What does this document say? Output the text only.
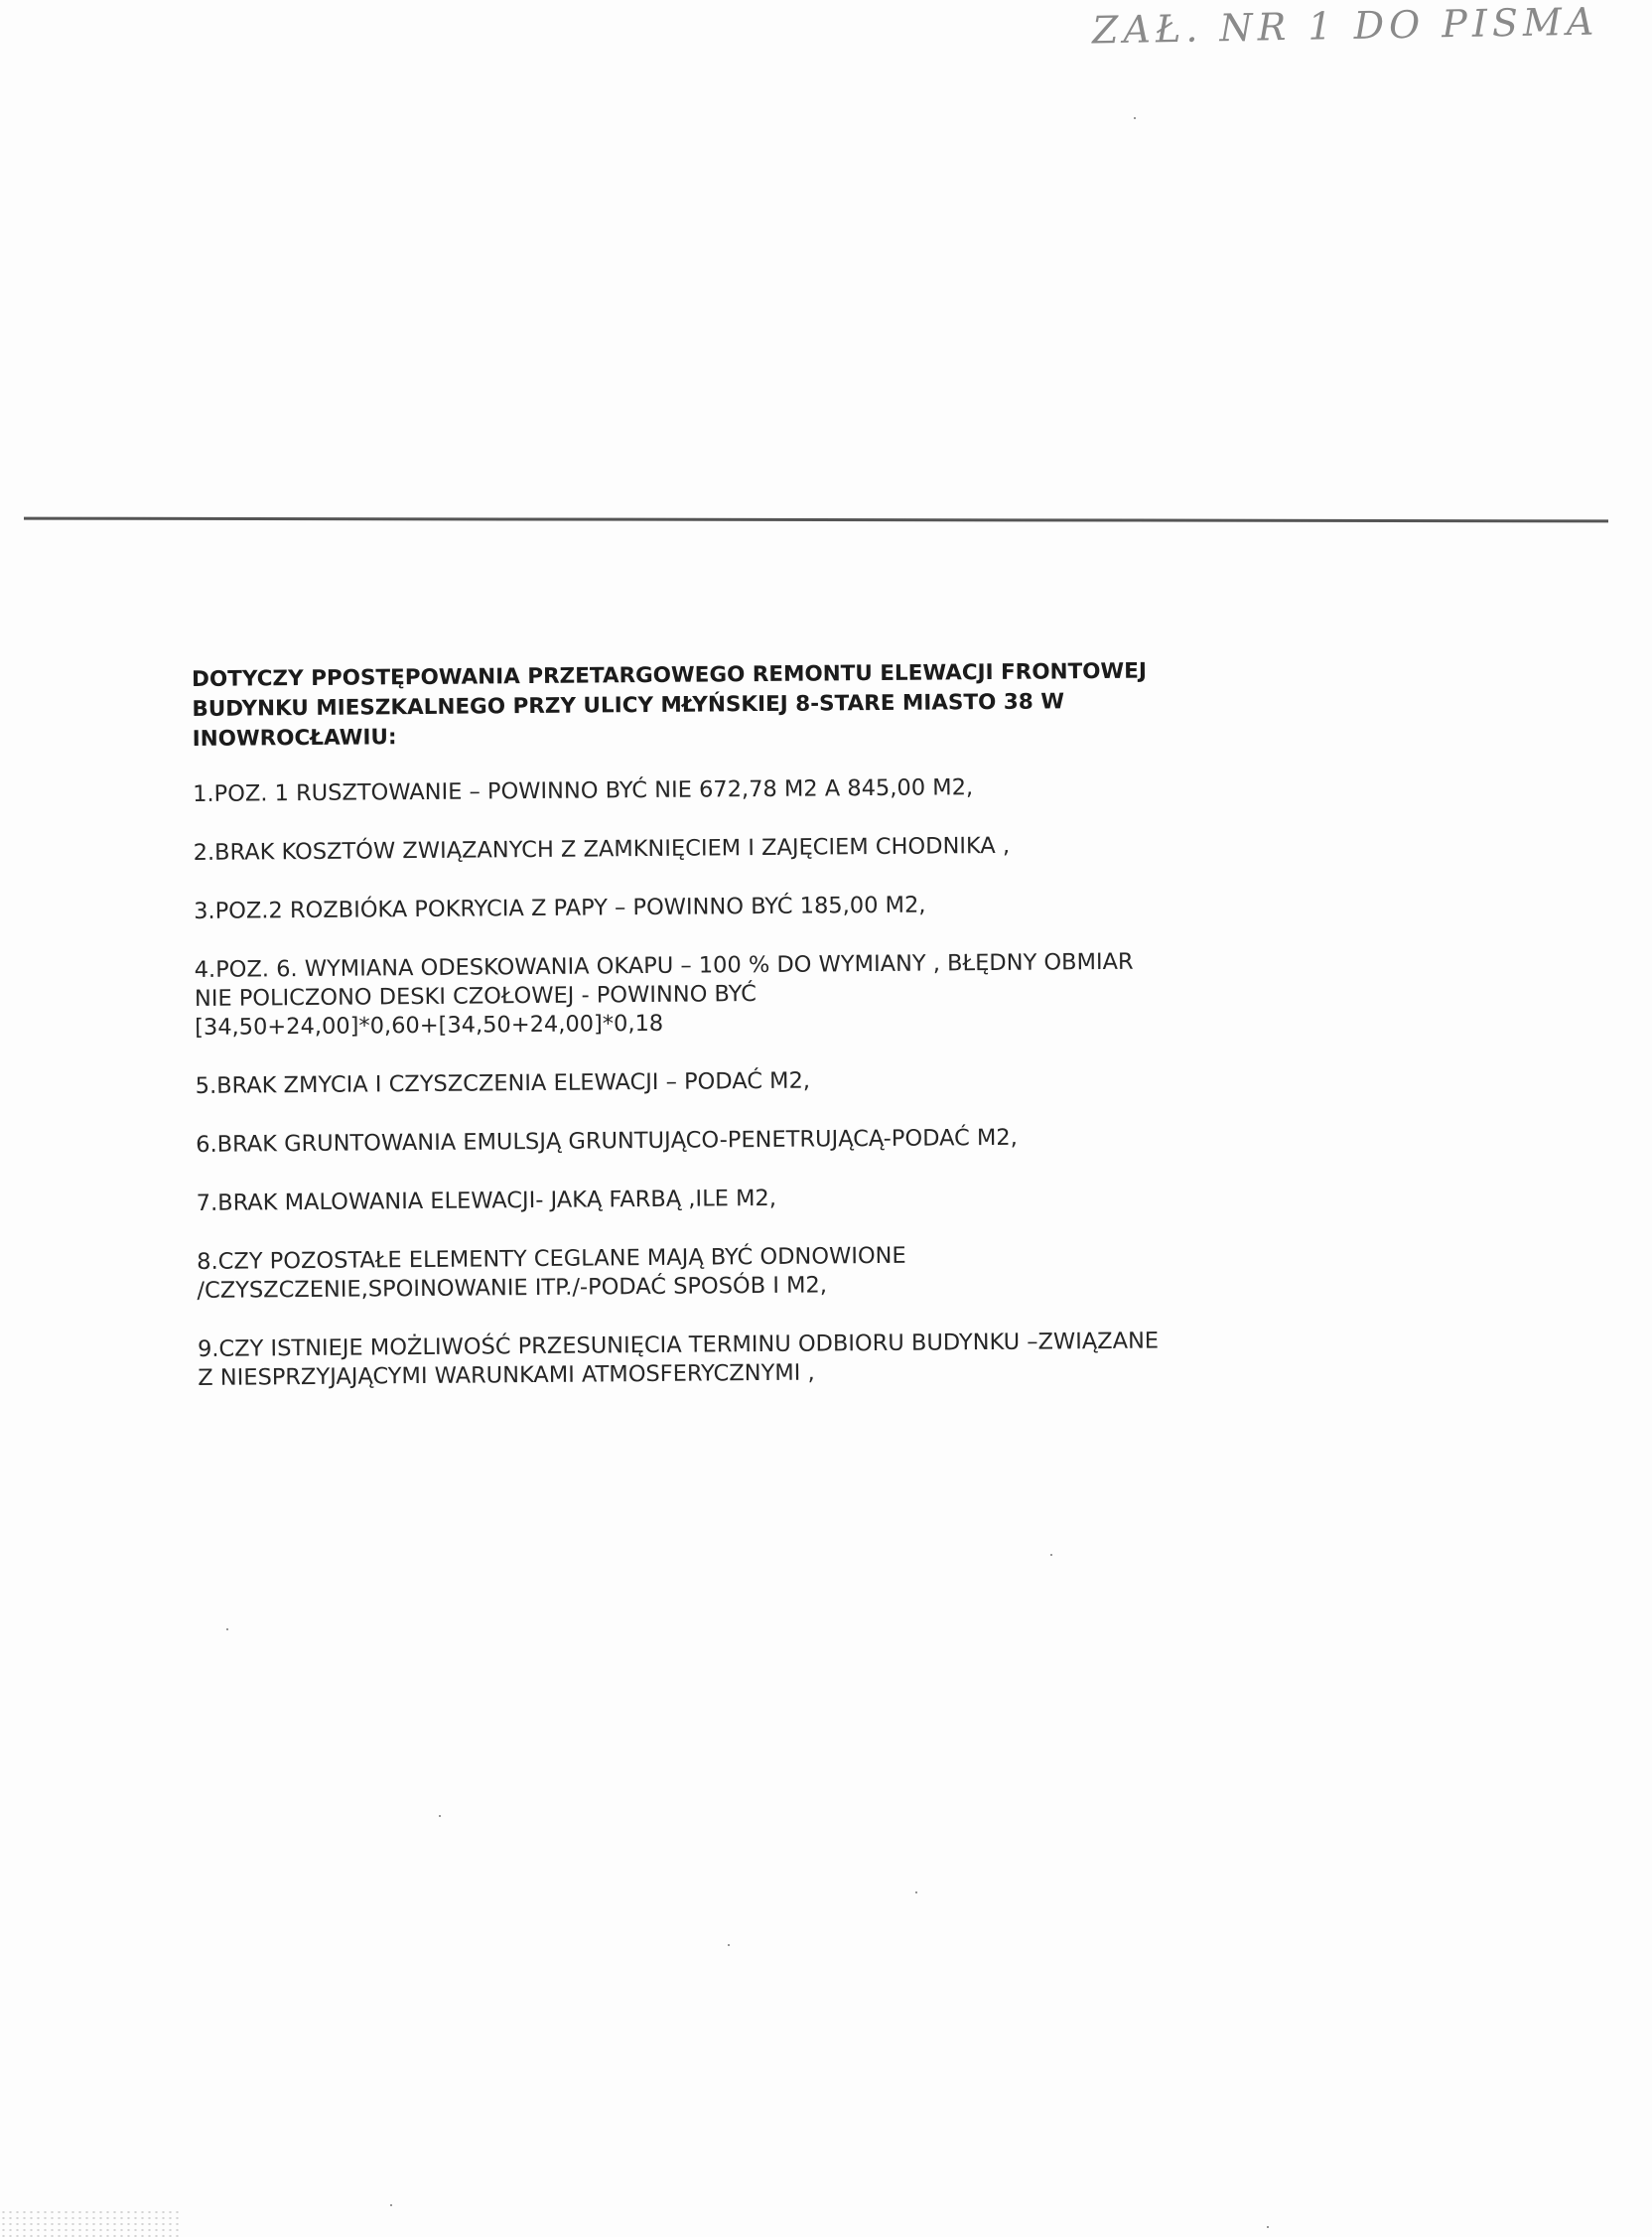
ZAŁ. NR 1 DO PISMA
DOTYCZY PPOSTĘPOWANIA PRZETARGOWEGO REMONTU ELEWACJI FRONTOWEJ
BUDYNKU MIESZKALNEGO PRZY ULICY MŁYŃSKIEJ 8-STARE MIASTO 38 W
INOWROCŁAWIU:
1.POZ. 1 RUSZTOWANIE – POWINNO BYĆ NIE 672,78 M2 A 845,00 M2,
2.BRAK KOSZTÓW ZWIĄZANYCH Z ZAMKNIĘCIEM I ZAJĘCIEM CHODNIKA ,
3.POZ.2 ROZBIÓKA POKRYCIA Z PAPY – POWINNO BYĆ 185,00 M2,
4.POZ. 6. WYMIANA ODESKOWANIA OKAPU – 100 % DO WYMIANY , BŁĘDNY OBMIAR
NIE POLICZONO DESKI CZOŁOWEJ - POWINNO BYĆ
[34,50+24,00]*0,60+[34,50+24,00]*0,18
5.BRAK ZMYCIA I CZYSZCZENIA ELEWACJI – PODAĆ M2,
6.BRAK GRUNTOWANIA EMULSJĄ GRUNTUJĄCO-PENETRUJĄCĄ-PODAĆ M2,
7.BRAK MALOWANIA ELEWACJI- JAKĄ FARBĄ ,ILE M2,
8.CZY POZOSTAŁE ELEMENTY CEGLANE MAJĄ BYĆ ODNOWIONE
/CZYSZCZENIE,SPOINOWANIE ITP./-PODAĆ SPOSÓB I M2,
9.CZY ISTNIEJE MOŻLIWOŚĆ PRZESUNIĘCIA TERMINU ODBIORU BUDYNKU –ZWIĄZANE
Z NIESPRZYJAJĄCYMI WARUNKAMI ATMOSFERYCZNYMI ,
